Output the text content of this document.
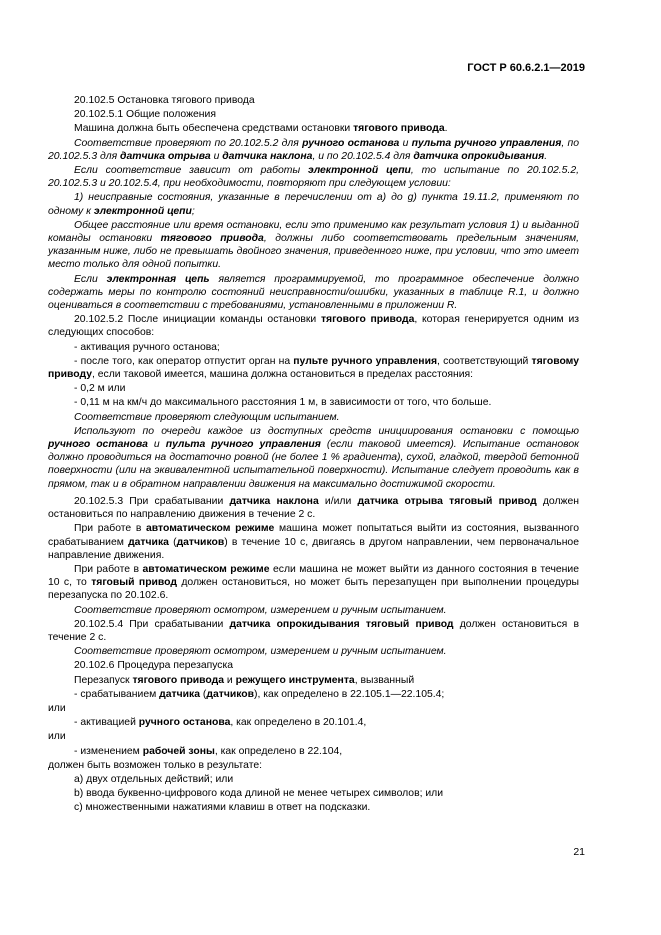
ГОСТ Р 60.6.2.1—2019

20.102.5 Остановка тягового привода

20.102.5.1 Общие положения

Машина должна быть обеспечена средствами остановки тягового привода.

Соответствие проверяют по 20.102.5.2 для ручного останова и пульта ручного управления, по 20.102.5.3 для датчика отрыва и датчика наклона, и по 20.102.5.4 для датчика опрокидывания.

Если соответствие зависит от работы электронной цепи, то испытание по 20.102.5.2, 20.102.5.3 и 20.102.5.4, при необходимости, повторяют при следующем условии:

1) неисправные состояния, указанные в перечислении от a) до g) пункта 19.11.2, применяют по одному к электронной цепи;

Общее расстояние или время остановки, если это применимо как результат условия 1) и выданной команды остановки тягового привода, должны либо соответствовать предельным значениям, указанным ниже, либо не превышать двойного значения, приведенного ниже, при условии, что это имеет место только для одной попытки.

Если электронная цепь является программируемой, то программное обеспечение должно содержать меры по контролю состояний неисправности/ошибки, указанных в таблице R.1, и должно оцениваться в соответствии с требованиями, установленными в приложении R.

20.102.5.2 После инициации команды остановки тягового привода, которая генерируется одним из следующих способов:

- активация ручного останова;

- после того, как оператор отпустит орган на пульте ручного управления, соответствующий тяговому приводу, если таковой имеется, машина должна остановиться в пределах расстояния:

- 0,2 м или

- 0,11 м на км/ч до максимального расстояния 1 м, в зависимости от того, что больше.

Соответствие проверяют следующим испытанием.

Используют по очереди каждое из доступных средств инициирования остановки с помощью ручного останова и пульта ручного управления (если таковой имеется). Испытание остановок должно проводиться на достаточно ровной (не более 1 % градиента), сухой, гладкой, твердой бетонной поверхности (или на эквивалентной испытательной поверхности). Испытание следует проводить как в прямом, так и в обратном направлении движения на максимально достижимой скорости.

20.102.5.3 При срабатывании датчика наклона и/или датчика отрыва тяговый привод должен остановиться по направлению движения в течение 2 с.

При работе в автоматическом режиме машина может попытаться выйти из состояния, вызванного срабатыванием датчика (датчиков) в течение 10 с, двигаясь в другом направлении, чем первоначальное направление движения.

При работе в автоматическом режиме если машина не может выйти из данного состояния в течение 10 с, то тяговый привод должен остановиться, но может быть перезапущен при выполнении процедуры перезапуска по 20.102.6.

Соответствие проверяют осмотром, измерением и ручным испытанием.

20.102.5.4 При срабатывании датчика опрокидывания тяговый привод должен остановиться в течение 2 с.

Соответствие проверяют осмотром, измерением и ручным испытанием.

20.102.6 Процедура перезапуска

Перезапуск тягового привода и режущего инструмента, вызванный

- срабатыванием датчика (датчиков), как определено в 22.105.1—22.105.4;

или

- активацией ручного останова, как определено в 20.101.4,

или

- изменением рабочей зоны, как определено в 22.104,

должен быть возможен только в результате:

a) двух отдельных действий; или

b) ввода буквенно-цифрового кода длиной не менее четырех символов; или

c) множественными нажатиями клавиш в ответ на подсказки.

21
